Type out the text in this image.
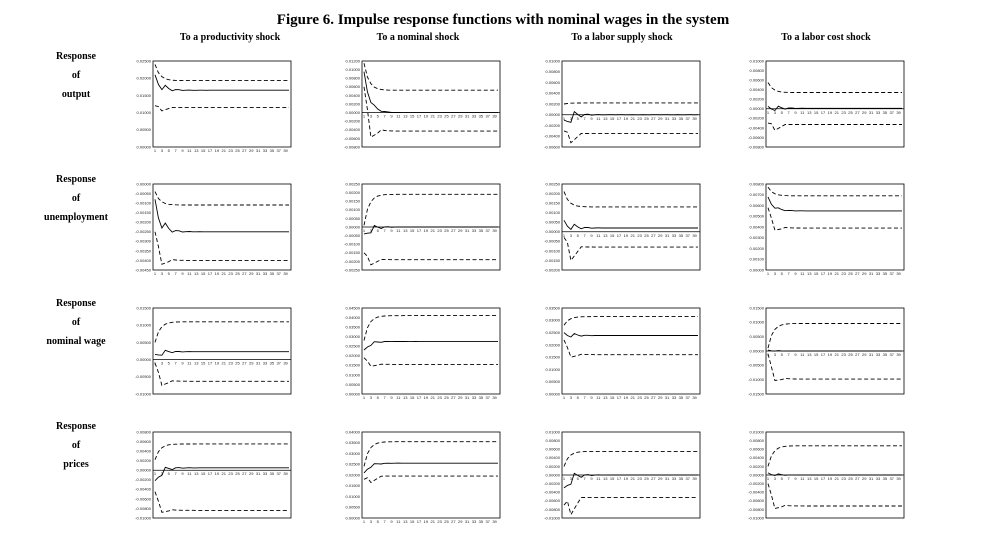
Figure 6. Impulse response functions with nominal wages in the system
To a productivity shock	To a nominal shock	To a labor supply shock	To a labor cost shock
Response
of
output
Response
of
unemployment
Response
of
nominal wage
Response
of
prices
0.02500
0.02000
0.01500
0.01000
0.00500
0.00000
1 3 5 7 9 11 13 15 17 19 21 23 25 27 29 31 33 35 37 39
0.01200
0.01000
0.00800
0.00600
0.00400
0.00200
0.00000
-0.00200
-0.00400
-0.00600
-0.00800
1 3 5 7 9 11 13 15 17 19 21 23 25 27 29 31 33 35 37 39
0.01000
0.00800
0.00600
0.00400
0.00200
0.00000
-0.00200
-0.00400
-0.00600
1 3 5 7 9 11 13 15 17 19 21 23 25 27 29 31 33 35 37 39
0.01000
0.00800
0.00600
0.00400
0.00200
0.00000
-0.00200
-0.00400
-0.00600
-0.00800
1 3 5 7 9 11 13 15 17 19 21 23 25 27 29 31 33 35 37 39
0.00000
-0.00050
-0.00100
-0.00150
-0.00200
-0.00250
-0.00300
-0.00350
-0.00400
-0.00450
1 3 5 7 9 11 13 15 17 19 21 23 25 27 29 31 33 35 37 39
0.00250
0.00200
0.00150
0.00100
0.00050
0.00000
-0.00050
-0.00100
-0.00150
-0.00200
-0.00250
1 3 5 7 9 11 13 15 17 19 21 23 25 27 29 31 33 35 37 39
0.00250
0.00200
0.00150
0.00100
0.00050
0.00000
-0.00050
-0.00100
-0.00150
-0.00200
1 3 5 7 9 11 13 15 17 19 21 23 25 27 29 31 33 35 37 39
0.00800
0.00700
0.00600
0.00500
0.00400
0.00300
0.00200
0.00100
0.00000
1 3 5 7 9 11 13 15 17 19 21 23 25 27 29 31 33 35 37 39
0.01500
0.01000
0.00500
0.00000
-0.00500
-0.01000
1 3 5 7 9 11 13 15 17 19 21 23 25 27 29 31 33 35 37 39
0.04500
0.04000
0.03500
0.03000
0.02500
0.02000
0.01500
0.01000
0.00500
0.00000
1 3 5 7 9 11 13 15 17 19 21 23 25 27 29 31 33 35 37 39
0.03500
0.03000
0.02500
0.02000
0.01500
0.01000
0.00500
0.00000
1 3 5 7 9 11 13 15 17 19 21 23 25 27 29 31 33 35 37 39
0.01500
0.01000
0.00500
0.00000
-0.00500
-0.01000
-0.01500
1 3 5 7 9 11 13 15 17 19 21 23 25 27 29 31 33 35 37 39
0.00800
0.00600
0.00400
0.00200
0.00000
-0.00200
-0.00400
-0.00600
-0.00800
-0.01000
1 3 5 7 9 11 13 15 17 19 21 23 25 27 29 31 33 35 37 39
0.04000
0.03500
0.03000
0.02500
0.02000
0.01500
0.01000
0.00500
0.00000
1 3 5 7 9 11 13 15 17 19 21 23 25 27 29 31 33 35 37 39
0.01000
0.00800
0.00600
0.00400
0.00200
0.00000
-0.00200
-0.00400
-0.00600
-0.00800
-0.01000
1 3 5 7 9 11 13 15 17 19 21 23 25 27 29 31 33 35 37 39
0.01000
0.00800
0.00600
0.00400
0.00200
0.00000
-0.00200
-0.00400
-0.00600
-0.00800
-0.01000
1 3 5 7 9 11 13 15 17 19 21 23 25 27 29 31 33 35 37 39
